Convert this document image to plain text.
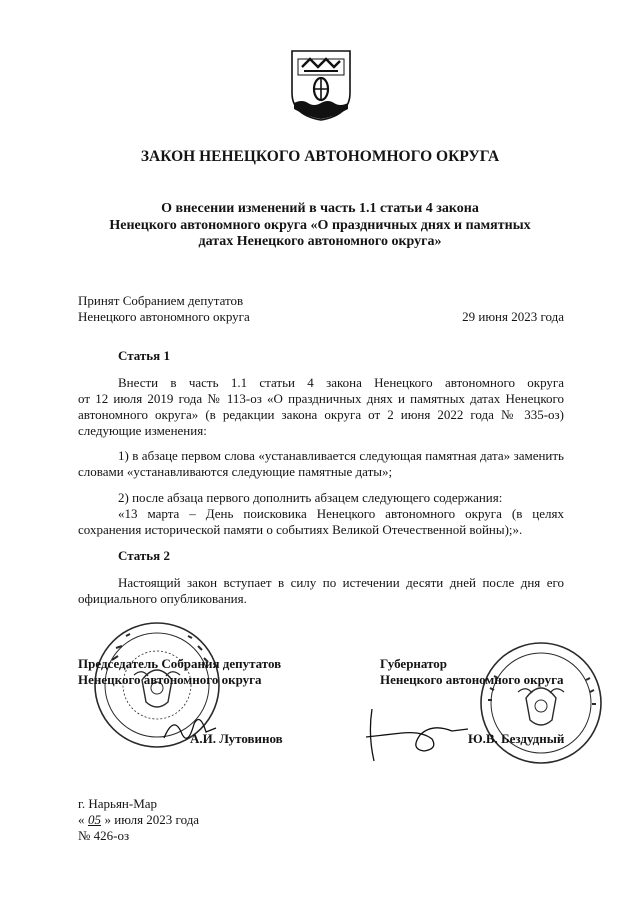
ЗАКОН НЕНЕЦКОГО АВТОНОМНОГО ОКРУГА
О внесении изменений в часть 1.1 статьи 4 закона
Ненецкого автономного округа «О праздничных днях и памятных
датах Ненецкого автономного округа»
Принят Собранием депутатов
Ненецкого автономного округа	29 июня 2023 года
Статья 1
Внести в часть 1.1 статьи 4 закона Ненецкого автономного округа
от 12 июля 2019 года № 113-оз «О праздничных днях и памятных датах Ненецкого
автономного округа» (в редакции закона округа от 2 июня 2022 года № 335-оз)
следующие изменения:
1) в абзаце первом слова «устанавливается следующая памятная дата» заменить
словами «устанавливаются следующие памятные даты»;
2) после абзаца первого дополнить абзацем следующего содержания:
«13 марта – День поисковика Ненецкого автономного округа (в целях
сохранения исторической памяти о событиях Великой Отечественной войны);».
Статья 2
Настоящий закон вступает в силу по истечении десяти дней после дня его
официального опубликования.
Председатель Собрания депутатов
Ненецкого автономного округа
А.И. Лутовинов
Губернатор
Ненецкого автономного округа
Ю.В. Бездудный
г. Нарьян-Мар
« 05 » июля 2023 года
№ 426-оз
